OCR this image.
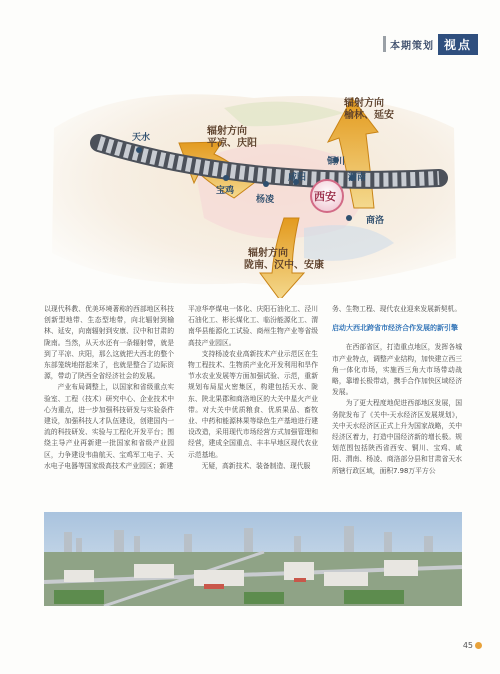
本期策划 视点
辐射方向
平凉、庆阳
辐射方向
榆林、延安
辐射方向
陇南、汉中、安康
天水
宝鸡
杨凌
咸阳
铜川
渭南
商洛
西安

以现代科教、优美环境著称的西部地区科技创新型地带、生态型地带，向北辐射到榆林、延安，向南辐射到安康、汉中和甘肃的陇南。当然，从天水还有一条辐射带，就是到了平凉、庆阳，那么这就把大西北的整个东部笼统地搭起来了，也就是整合了边际资源，带动了陕西全省经济社会的发展。

产业布局调整上，以国家和省级重点实验室、工程（技术）研究中心、企业技术中心为重点，进一步加强科技研发与实验条件建设，加强科技人才队伍建设，创建国内一流的科技研发、实验与工程化开发平台；围绕主导产业再新建一批国家和省级产业园区，力争建设韦曲航天、宝鸡军工电子、天水电子电器等国家级高技术产业园区；新建

平凉华亭煤电一体化、庆阳石油化工、泾川石油化工、彬长煤化工、临汾能源化工、渭南华县能源化工试验、商州生物产业等省级高技产业园区。

支持杨凌农业高新技术产业示范区在生物工程技术、生物质产业化开发利用和旱作节水农业发展等方面加强试验、示范，重新规划布局星火密集区，构建包括天水、陇东、陕北果郡和商洛地区的大关中星火产业带。对大关中优质粮食、优质果品、畜牧业、中药和能源林果等绿色生产基地进行建设改造，采用现代市场经营方式加强管理和经营，建成全国重点、丰丰早地区现代农业示范基地。

无疑，高新技术、装备制造、现代服

务、生物工程、现代农业迎来发展新契机。

启动大西北跨省市经济合作发展的新引擎

在西部省区，打造重点地区，发挥各城市产业特点，调整产业结构，加快建立西三角一体化市场，实施西三角大市场带动战略，靠增长极带动，携手合作加快区域经济发展。

为了更大程度地促进西部地区发展，国务院发布了《关中-天水经济区发展规划》，关中天水经济区正式上升为国家战略，关中经济区着力，打造中国经济新的增长极。规划范围包括陕西省西安、铜川、宝鸡、咸阳、渭南、杨凌、商洛部分县和甘肃省天水所辖行政区域，面积7.98万平方公

45
